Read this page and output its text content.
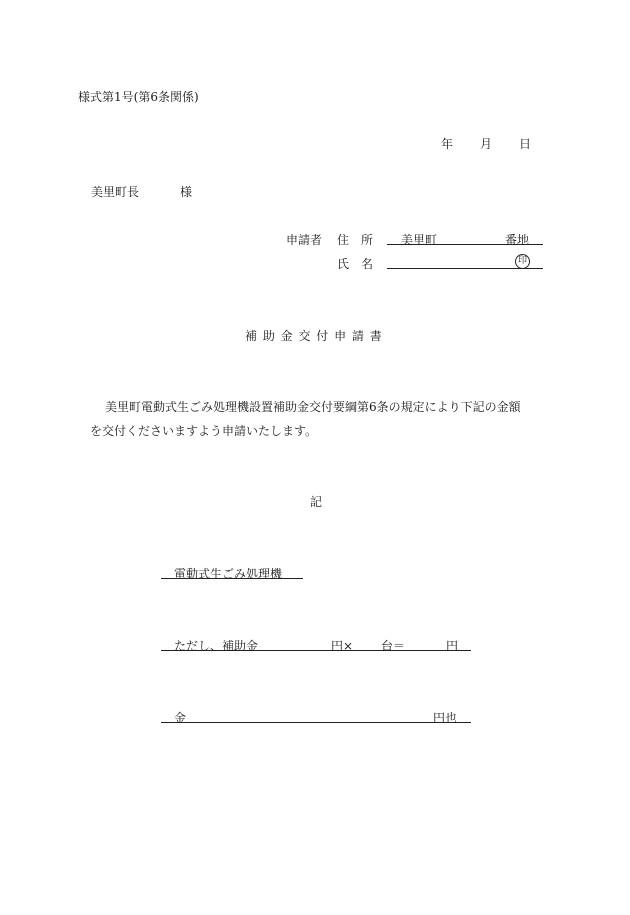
様式第1号(第6条関係)
年 月 日
美里町長	様
申請者 住　所 美里町	番地
氏　名	印
補 助 金 交 付 申 請 書
美里町電動式生ごみ処理機設置補助金交付要綱第6条の規定により下記の金額
を交付くださいますよう申請いたします。
記
電動式生ごみ処理機
ただし、補助金	円× 台＝	円
金	円也
